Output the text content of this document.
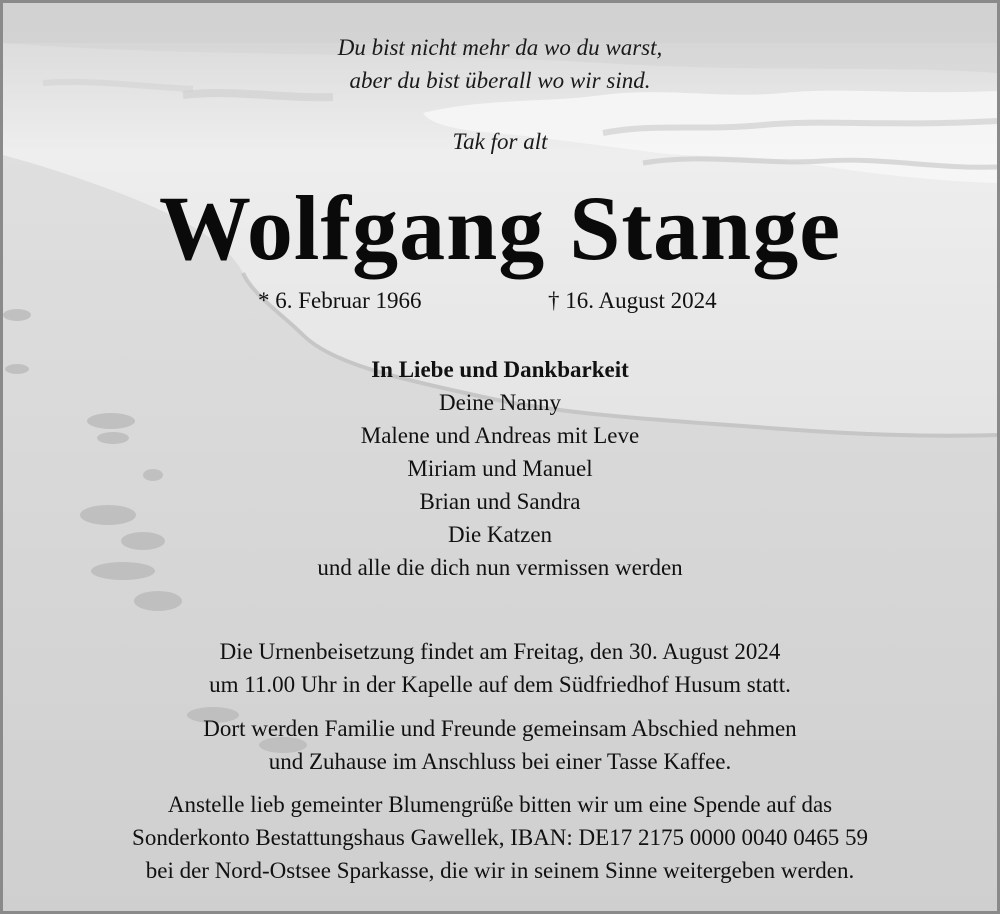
Du bist nicht mehr da wo du warst,
aber du bist überall wo wir sind.
Tak for alt
Wolfgang Stange
* 6. Februar 1966	† 16. August 2024
In Liebe und Dankbarkeit
Deine Nanny
Malene und Andreas mit Leve
Miriam und Manuel
Brian und Sandra
Die Katzen
und alle die dich nun vermissen werden
Die Urnenbeisetzung findet am Freitag, den 30. August 2024
um 11.00 Uhr in der Kapelle auf dem Südfriedhof Husum statt.
Dort werden Familie und Freunde gemeinsam Abschied nehmen
und Zuhause im Anschluss bei einer Tasse Kaffee.
Anstelle lieb gemeinter Blumengrüße bitten wir um eine Spende auf das
Sonderkonto Bestattungshaus Gawellek, IBAN: DE17 2175 0000 0040 0465 59
bei der Nord-Ostsee Sparkasse, die wir in seinem Sinne weitergeben werden.
